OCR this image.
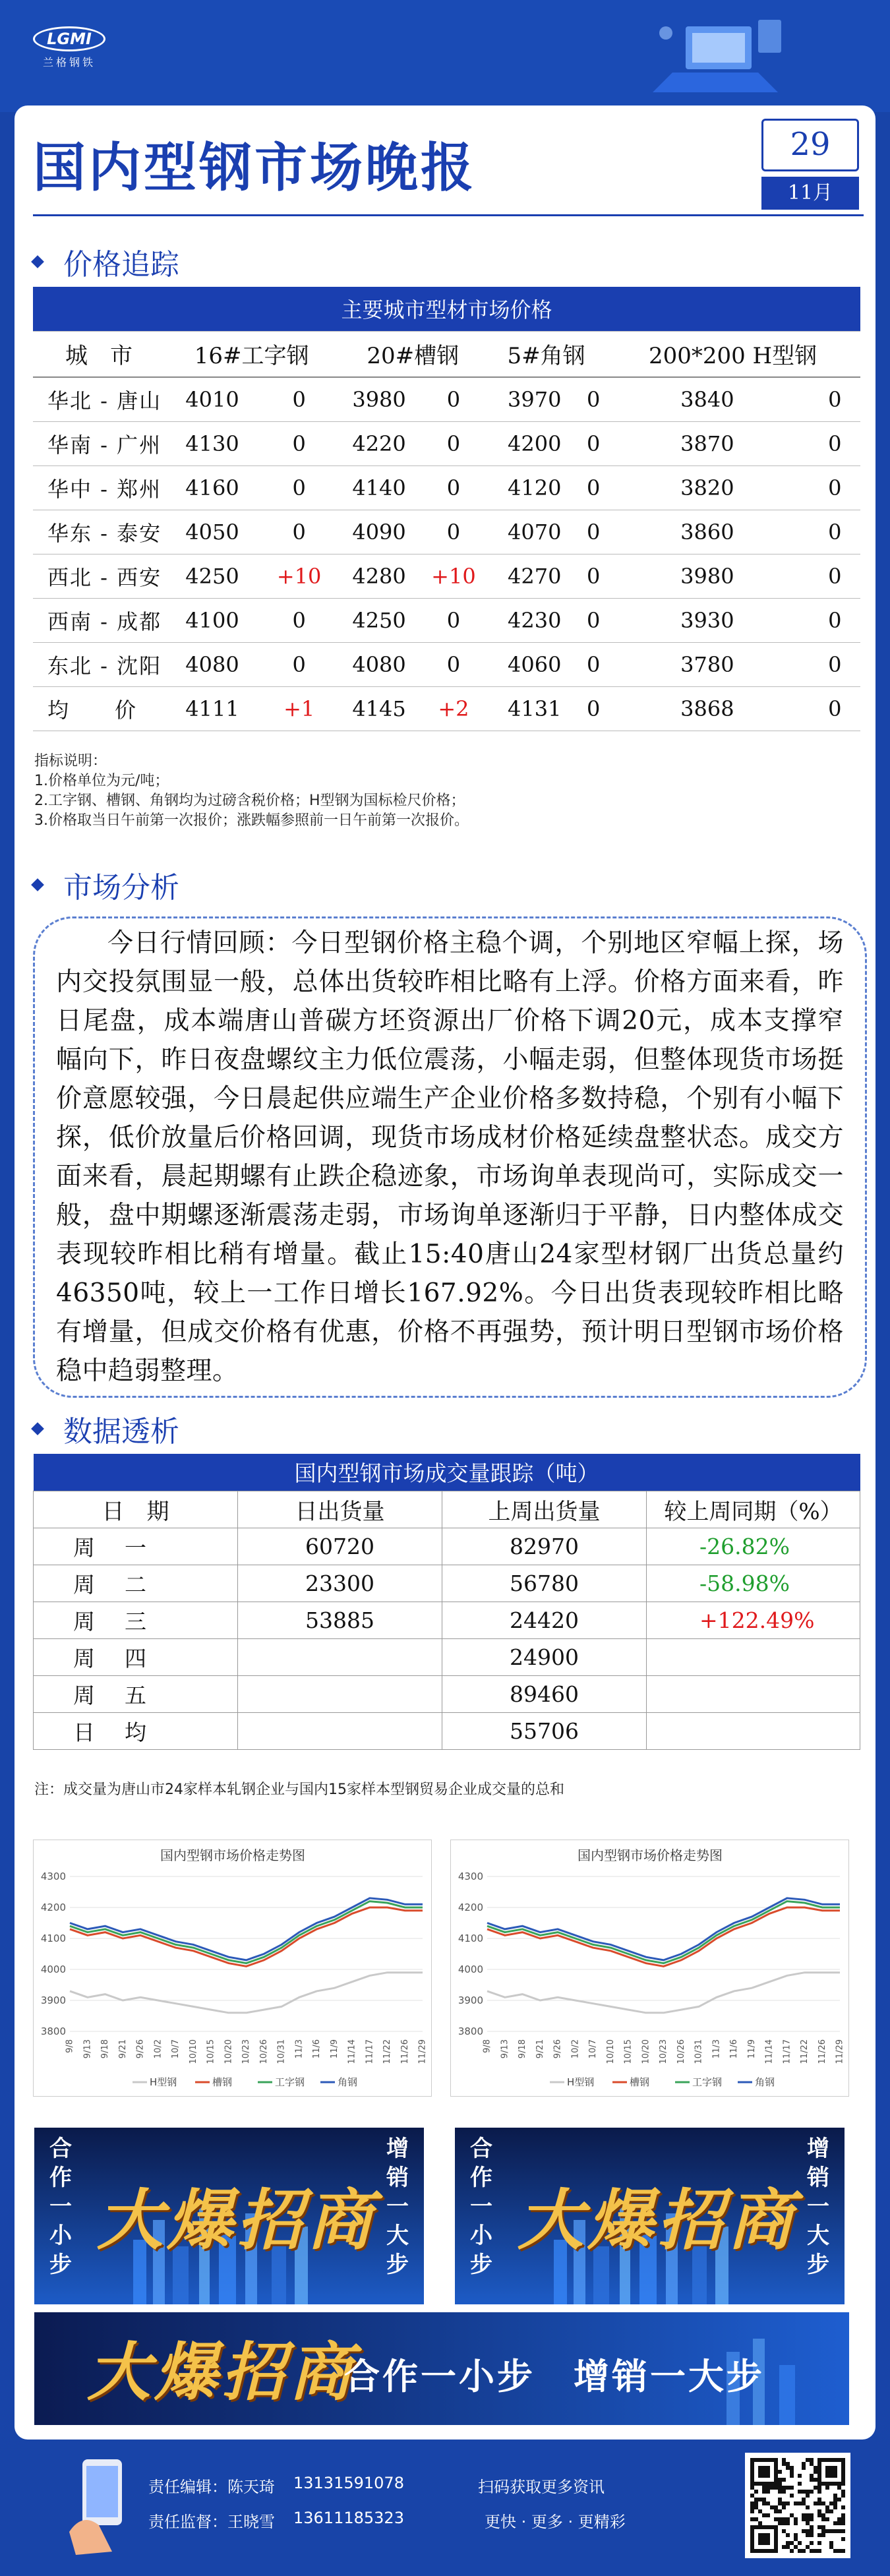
LGMI
兰格钢铁
国内型钢市场晚报	29
11月
价格追踪
主要城市型材市场价格								
城　市	16#工字钢		20#槽钢		5#角钢		200*200 H型钢	
华北 - 唐山	4010	0	3980	0	3970	0	3840	0
华南 - 广州	4130	0	4220	0	4200	0	3870	0
华中 - 郑州	4160	0	4140	0	4120	0	3820	0
华东 - 泰安	4050	0	4090	0	4070	0	3860	0
西北 - 西安	4250	+10	4280	+10	4270	0	3980	0
西南 - 成都	4100	0	4250	0	4230	0	3930	0
东北 - 沈阳	4080	0	4080	0	4060	0	3780	0
均　　价	4111	+1	4145	+2	4131	0	3868	0
指标说明：
1.价格单位为元/吨；
2.工字钢、槽钢、角钢均为过磅含税价格；H型钢为国标检尺价格；
3.价格取当日午前第一次报价；涨跌幅参照前一日午前第一次报价。
市场分析

今日行情回顾：今日型钢价格主稳个调，个别地区窄幅上探，场内交投氛围显一般，总体出货较昨相比略有上浮。价格方面来看，昨日尾盘，成本端唐山普碳方坯资源出厂价格下调20元，成本支撑窄幅向下，昨日夜盘螺纹主力低位震荡，小幅走弱，但整体现货市场挺价意愿较强，今日晨起供应端生产企业价格多数持稳，个别有小幅下探，低价放量后价格回调，现货市场成材价格延续盘整状态。成交方面来看，晨起期螺有止跌企稳迹象，市场询单表现尚可，实际成交一般，盘中期螺逐渐震荡走弱，市场询单逐渐归于平静，日内整体成交表现较昨相比稍有增量。截止15:40唐山24家型材钢厂出货总量约46350吨，较上一工作日增长167.92%。今日出货表现较昨相比略有增量，但成交价格有优惠，价格不再强势，预计明日型钢市场价格稳中趋弱整理。

数据透析
国内型钢市场成交量跟踪（吨）			
日　期	日出货量	上周出货量	较上周同期（%）
周　一	60720	82970	-26.82%
周　二	23300	56780	-58.98%
周　三	53885	24420	+122.49%
周　四		24900	
周　五		89460	
日　均		55706	
注：成交量为唐山市24家样本轧钢企业与国内15家样本型钢贸易企业成交量的总和
国内型钢市场价格走势图
3800
3900
4000
4100
4200
4300
9/8 9/13 9/18 9/21 9/26 10/2 10/7 10/10 10/15 10/20 10/23 10/26 10/31 11/3 11/6 11/9 11/14 11/17 11/22 11/26 11/29
H型钢	槽钢	工字钢	角钢
国内型钢市场价格走势图
3800
3900
4000
4100
4200
4300
9/8 9/13 9/18 9/21 9/26 10/2 10/7 10/10 10/15 10/20 10/23 10/26 10/31 11/3 11/6 11/9 11/14 11/17 11/22 11/26 11/29
H型钢	槽钢	工字钢	角钢
合
作
一
小
步
增
销
一
大
步
大爆招商
合
作
一
小
步
增
销
一
大
步
大爆招商
大爆招商
合作一小步　增销一大步
责任编辑：陈天琦 13131591078
责任监督：王晓雪 13611185323
扫码获取更多资讯
更快 · 更多 · 更精彩
